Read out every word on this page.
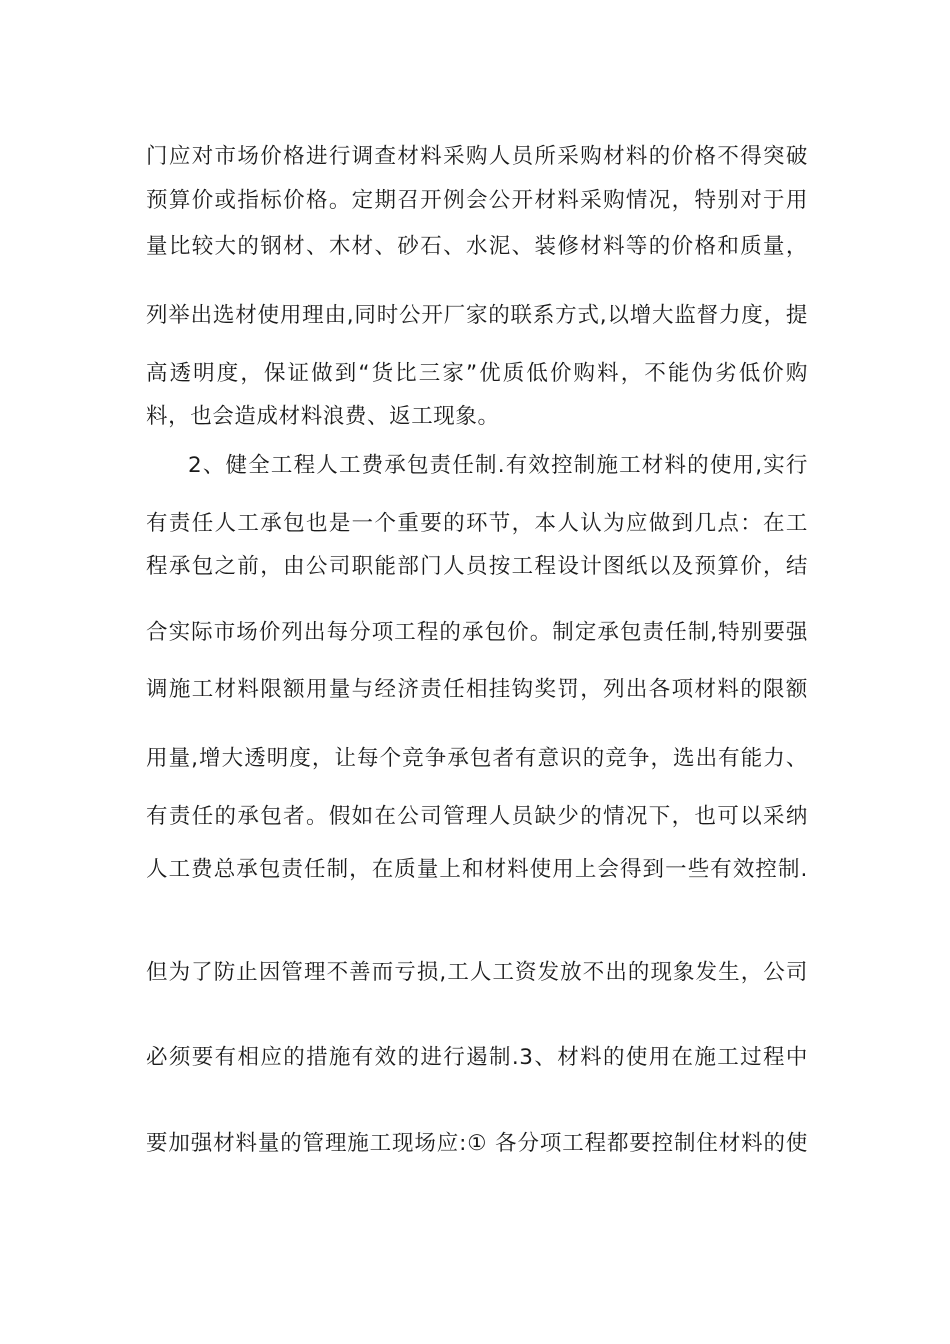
门应对市场价格进行调查材料采购人员所采购材料的价格不得突破
预算价或指标价格。定期召开例会公开材料采购情况，特别对于用
量比较大的钢材、木材、砂石、水泥、装修材料等的价格和质量，
列举出选材使用理由,同时公开厂家的联系方式,以增大监督力度，提
高透明度，保证做到“货比三家”优质低价购料，不能伪劣低价购
料，也会造成材料浪费、返工现象。
2、健全工程人工费承包责任制.有效控制施工材料的使用,实行
有责任人工承包也是一个重要的环节，本人认为应做到几点：在工
程承包之前，由公司职能部门人员按工程设计图纸以及预算价，结
合实际市场价列出每分项工程的承包价。制定承包责任制,特别要强
调施工材料限额用量与经济责任相挂钩奖罚，列出各项材料的限额
用量,增大透明度，让每个竞争承包者有意识的竞争，选出有能力、
有责任的承包者。假如在公司管理人员缺少的情况下，也可以采纳
人工费总承包责任制，在质量上和材料使用上会得到一些有效控制.
但为了防止因管理不善而亏损,工人工资发放不出的现象发生，公司
必须要有相应的措施有效的进行遏制.3、材料的使用在施工过程中
要加强材料量的管理施工现场应:① 各分项工程都要控制住材料的使
